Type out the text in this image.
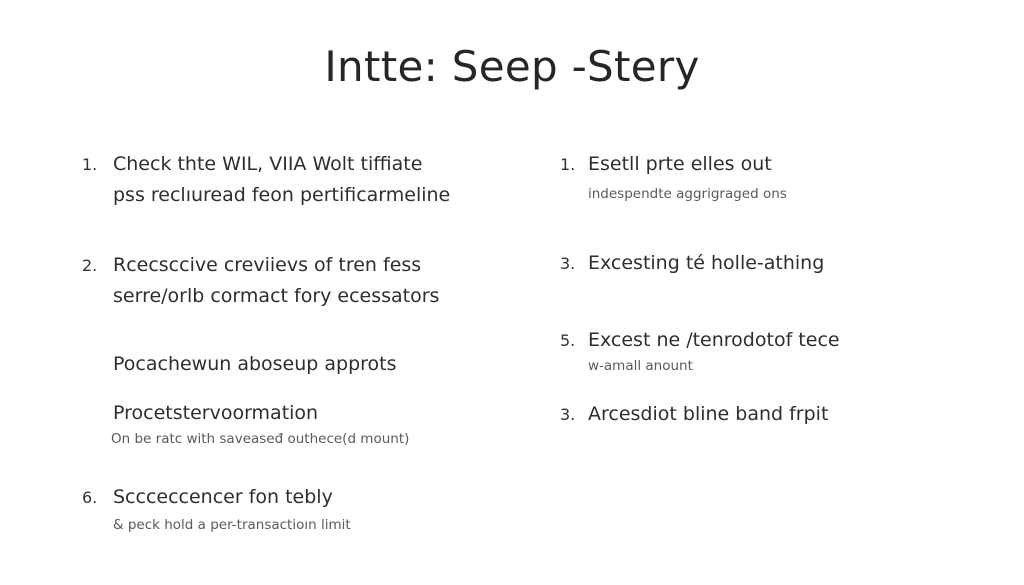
Intte: Seep -Stery
1. Check thte WIL, VIIA Wolt tiffiate
pss reclıuread feon pertificarmeline
2. Rcecsccive creviievs of tren fess
serre/orlb cormact fory ecessators
Pocachewun aboseup approts
Procetstervoormation
On be ratc with saveaseđ outhece(d mount)
6. Sccceccencer fon tebly
& peck hold a per-transactioın limit
1. Esetll prte elles out
indespendte aggrigraged ons
3. Excesting té holle-athing
5. Excest ne /tenrodotof tece
w-amall anount
3. Arcesdiot bline band frpit
